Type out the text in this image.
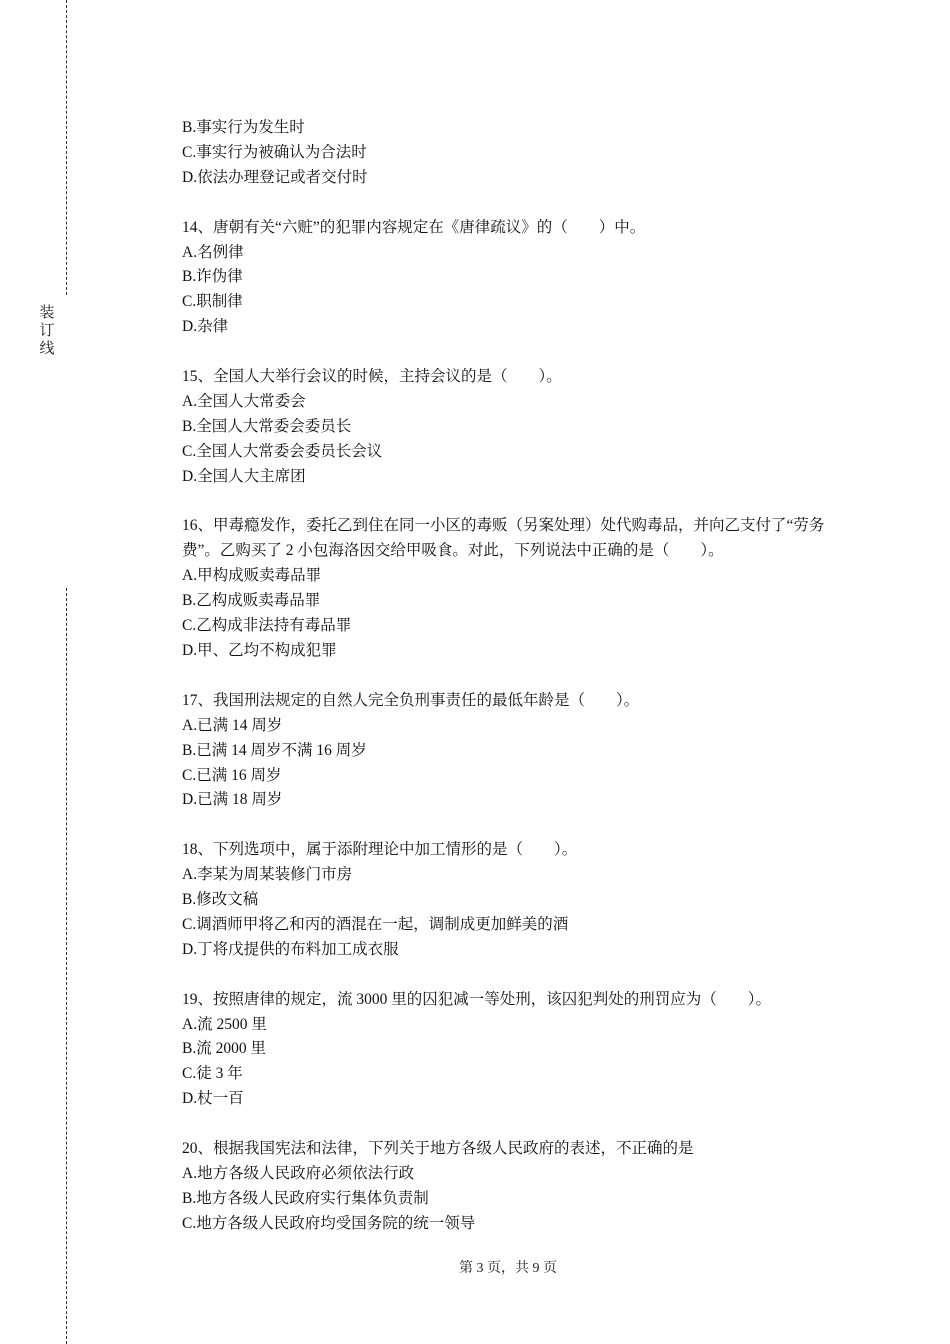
装订线
B.事实行为发生时
C.事实行为被确认为合法时
D.依法办理登记或者交付时
14、唐朝有关“六赃”的犯罪内容规定在《唐律疏议》的（　　）中。
A.名例律
B.诈伪律
C.职制律
D.杂律
15、全国人大举行会议的时候，主持会议的是（　　）。
A.全国人大常委会
B.全国人大常委会委员长
C.全国人大常委会委员长会议
D.全国人大主席团
16、甲毒瘾发作，委托乙到住在同一小区的毒贩（另案处理）处代购毒品，并向乙支付了“劳务费”。乙购买了 2 小包海洛因交给甲吸食。对此，下列说法中正确的是（　　）。
A.甲构成贩卖毒品罪
B.乙构成贩卖毒品罪
C.乙构成非法持有毒品罪
D.甲、乙均不构成犯罪
17、我国刑法规定的自然人完全负刑事责任的最低年龄是（　　）。
A.已满 14 周岁
B.已满 14 周岁不满 16 周岁
C.已满 16 周岁
D.已满 18 周岁
18、下列选项中，属于添附理论中加工情形的是（　　）。
A.李某为周某装修门市房
B.修改文稿
C.调酒师甲将乙和丙的酒混在一起，调制成更加鲜美的酒
D.丁将戊提供的布料加工成衣服
19、按照唐律的规定，流 3000 里的囚犯减一等处刑，该囚犯判处的刑罚应为（　　）。
A.流 2500 里
B.流 2000 里
C.徒 3 年
D.杖一百
20、根据我国宪法和法律，下列关于地方各级人民政府的表述，不正确的是
A.地方各级人民政府必须依法行政
B.地方各级人民政府实行集体负责制
C.地方各级人民政府均受国务院的统一领导
第 3 页，共 9 页
